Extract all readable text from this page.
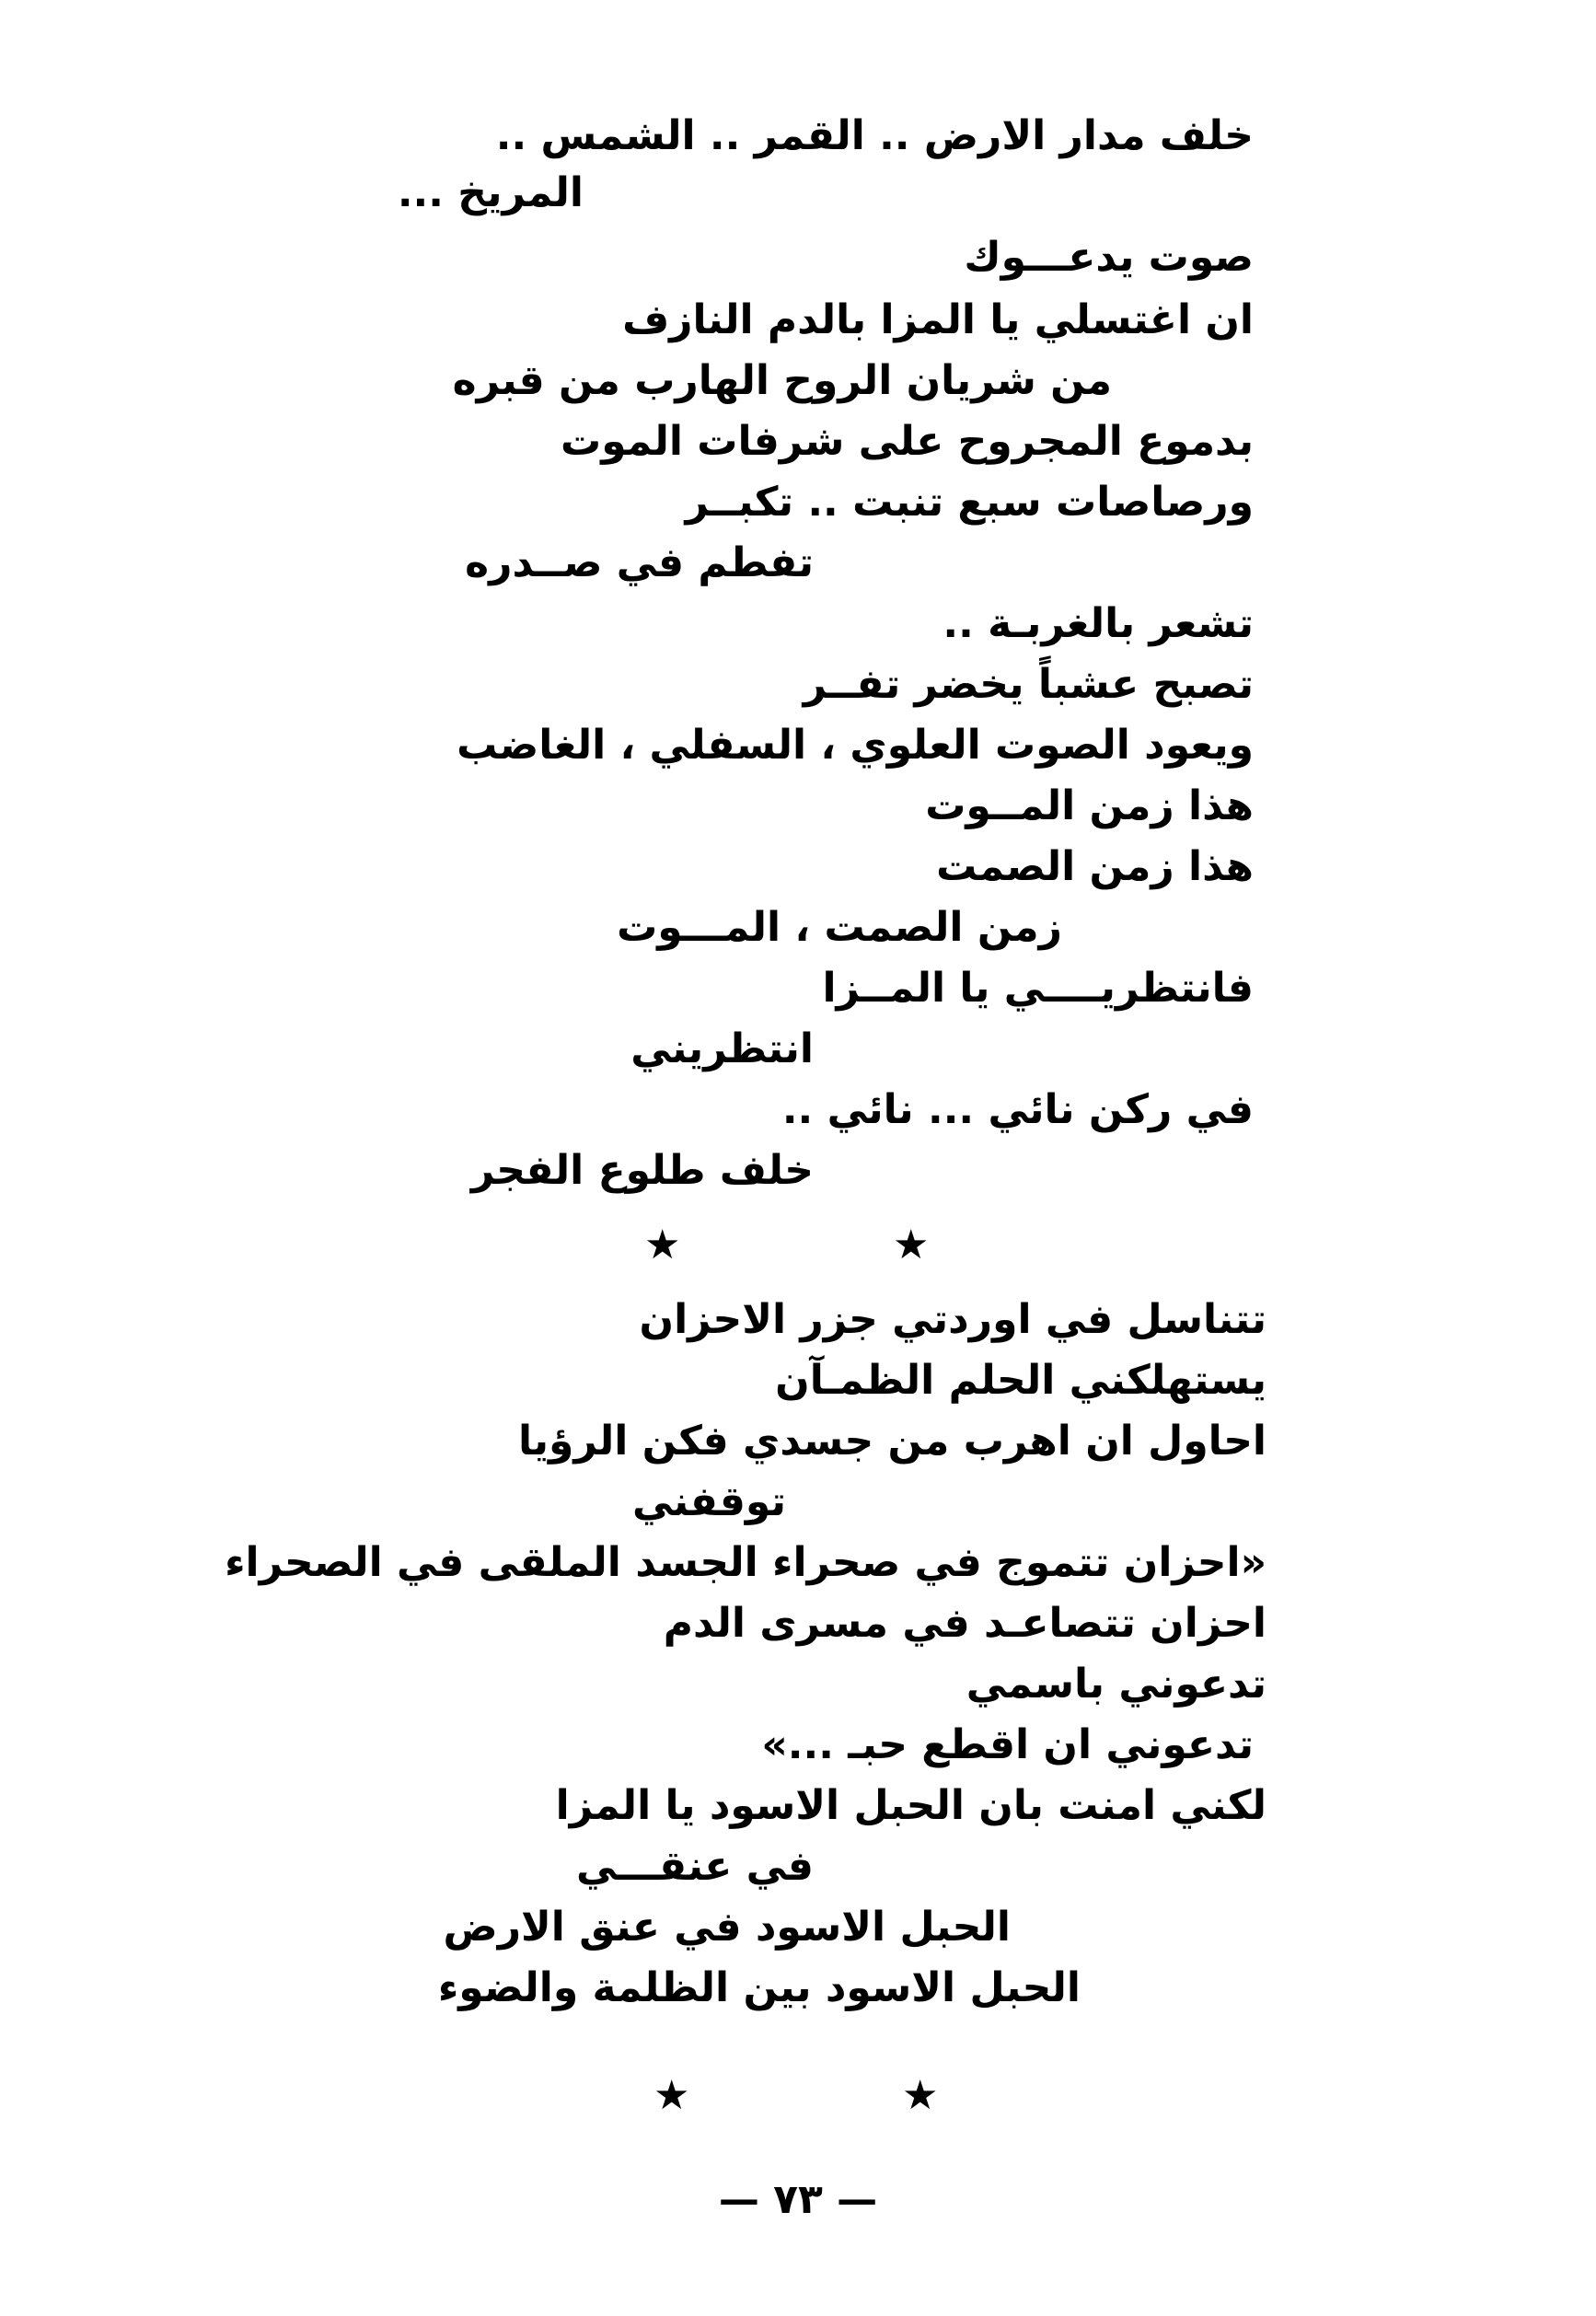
خلف مدار الارض .. القمر .. الشمس ..
المريخ ...
صوت يدعـــوك
ان اغتسلي يا المزا بالدم النازف
من شريان الروح الهارب من قبره
بدموع المجروح على شرفات الموت
ورصاصات سبع تنبت .. تكبــر
تفطم في صــدره
تشعر بالغربـة ..
تصبح عشباً يخضر تفــر
ويعود الصوت العلوي ، السفلي ، الغاضب
هذا زمن المــوت
هذا زمن الصمت
زمن الصمت ، المـــوت
فانتظريــــي يا المــزا
انتظريني
في ركن نائي ... نائي ..
خلف طلوع الفجر
★	★
تتناسل في اوردتي جزر الاحزان
يستهلكني الحلم الظمـآن
احاول ان اهرب من جسدي فكن الرؤيا
توقفني
«احزان تتموج في صحراء الجسد الملقى في الصحراء
احزان تتصاعـد في مسرى الدم
تدعوني باسمي
تدعوني ان اقطع حبـ ...»
لكني امنت بان الحبل الاسود يا المزا
في عنقـــي
الحبل الاسود في عنق الارض
الحبل الاسود بين الظلمة والضوء
★	★
— ٧٣ —
